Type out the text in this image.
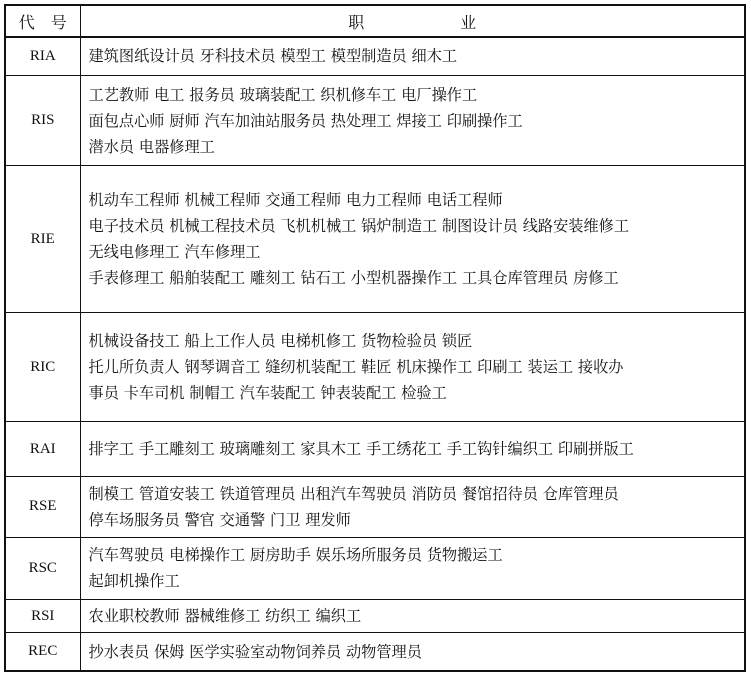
代　号	职　　　　　　业
RIA	建筑图纸设计员 牙科技术员 模型工 模型制造员 细木工

RIS	工艺教师 电工 报务员 玻璃装配工 织机修车工 电厂操作工
面包点心师 厨师 汽车加油站服务员 热处理工 焊接工 印刷操作工
潜水员 电器修理工

RIE	机动车工程师 机械工程师 交通工程师 电力工程师 电话工程师
电子技术员 机械工程技术员 飞机机械工 锅炉制造工 制图设计员 线路安装维修工
无线电修理工 汽车修理工
手表修理工 船舶装配工 雕刻工 钻石工 小型机器操作工 工具仓库管理员 房修工

RIC	机械设备技工 船上工作人员 电梯机修工 货物检验员 锁匠
托儿所负责人 钢琴调音工 缝纫机装配工 鞋匠 机床操作工 印刷工 装运工 接收办
事员 卡车司机 制帽工 汽车装配工 钟表装配工 检验工

RAI	排字工 手工雕刻工 玻璃雕刻工 家具木工 手工绣花工 手工钩针编织工 印刷拼版工

RSE	制模工 管道安装工 铁道管理员 出租汽车驾驶员 消防员 餐馆招待员 仓库管理员
停车场服务员 警官 交通警 门卫 理发师

RSC	汽车驾驶员 电梯操作工 厨房助手 娱乐场所服务员 货物搬运工
起卸机操作工

RSI	农业职校教师 器械维修工 纺织工 编织工

REC	抄水表员 保姆 医学实验室动物饲养员 动物管理员
